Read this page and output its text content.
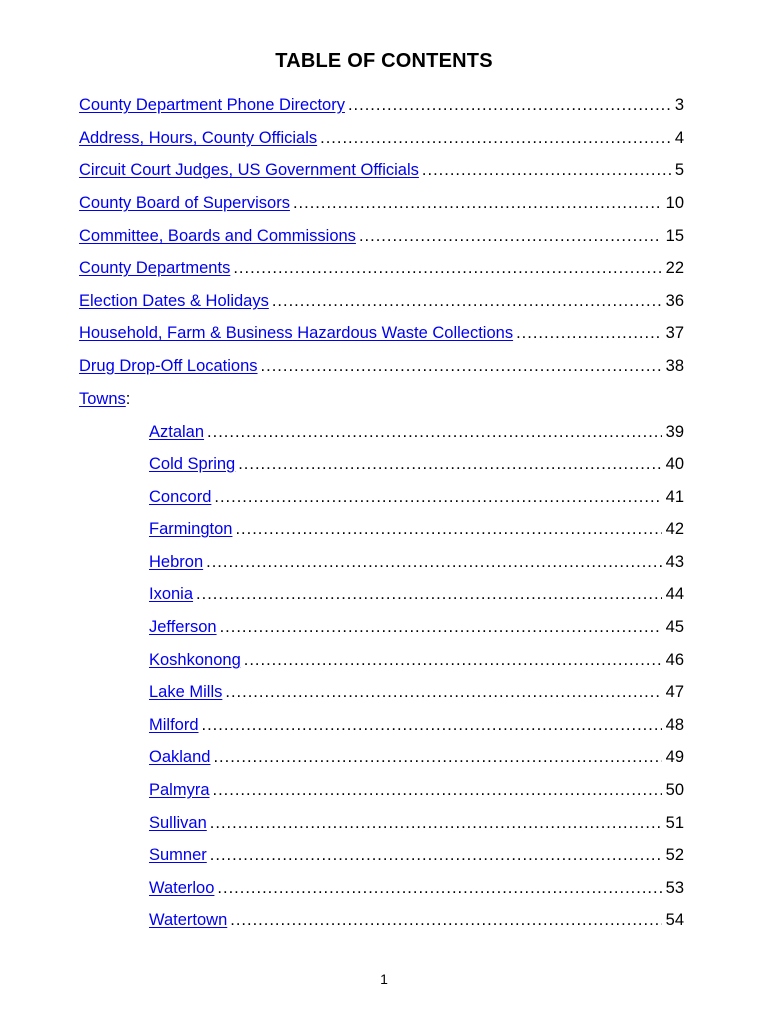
TABLE OF CONTENTS
County Department Phone Directory .....	3
Address, Hours, County Officials .....	4
Circuit Court Judges, US Government Officials .....	5
County Board of Supervisors .....	10
Committee, Boards and Commissions .....	15
County Departments .....	22
Election Dates & Holidays .....	36
Household, Farm & Business Hazardous Waste Collections .....	37
Drug Drop-Off Locations .....	38
Towns :
Aztalan .....	39
Cold Spring .....	40
Concord .....	41
Farmington .....	42
Hebron .....	43
Ixonia .....	44
Jefferson .....	45
Koshkonong .....	46
Lake Mills .....	47
Milford .....	48
Oakland .....	49
Palmyra .....	50
Sullivan .....	51
Sumner .....	52
Waterloo .....	53
Watertown .....	54
1
